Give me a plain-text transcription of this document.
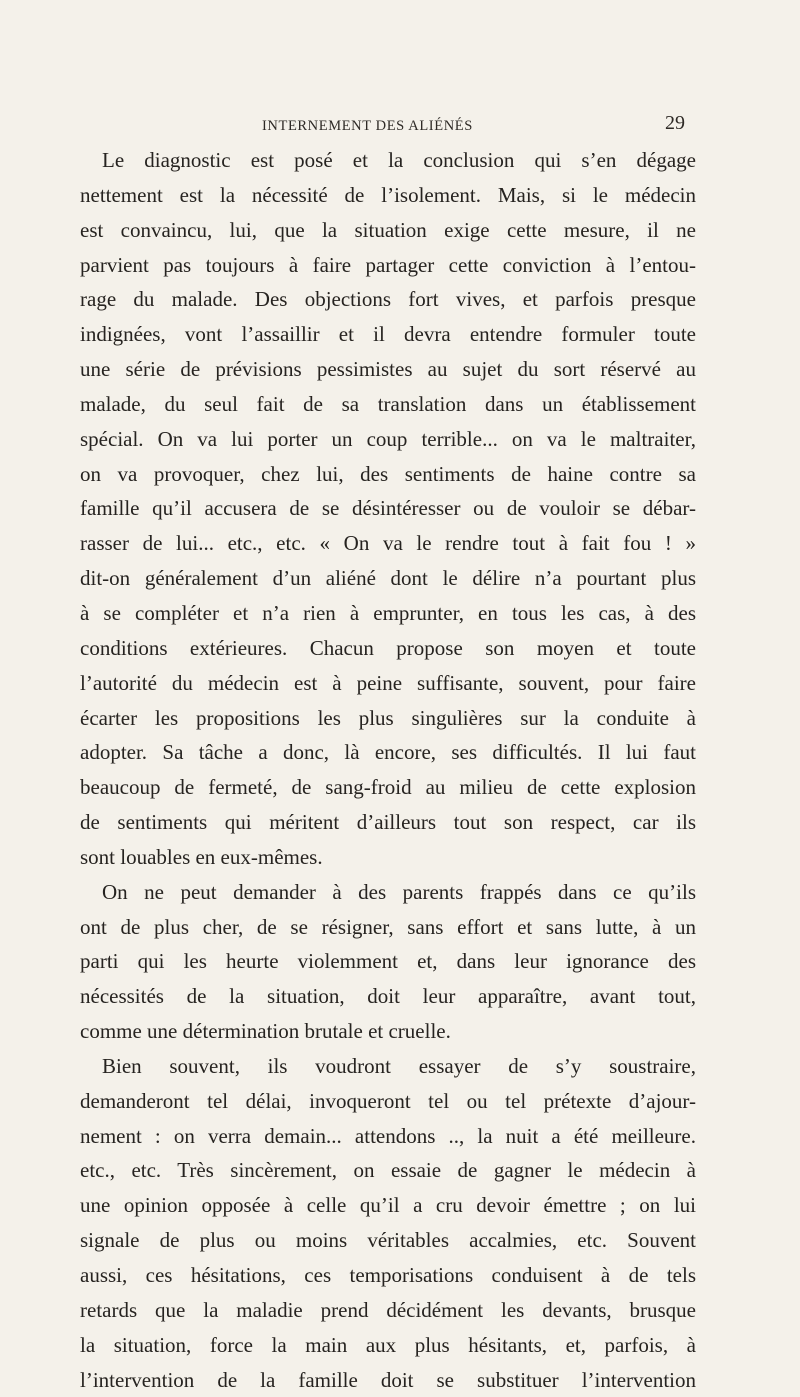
INTERNEMENT DES ALIÉNÉS	29
Le diagnostic est posé et la conclusion qui s’en dégage
nettement est la nécessité de l’isolement. Mais, si le médecin
est convaincu, lui, que la situation exige cette mesure, il ne
parvient pas toujours à faire partager cette conviction à l’entou-
rage du malade. Des objections fort vives, et parfois presque
indignées, vont l’assaillir et il devra entendre formuler toute
une série de prévisions pessimistes au sujet du sort réservé au
malade, du seul fait de sa translation dans un établissement
spécial. On va lui porter un coup terrible... on va le maltraiter,
on va provoquer, chez lui, des sentiments de haine contre sa
famille qu’il accusera de se désintéresser ou de vouloir se débar-
rasser de lui... etc., etc. « On va le rendre tout à fait fou ! »
dit-on généralement d’un aliéné dont le délire n’a pourtant plus
à se compléter et n’a rien à emprunter, en tous les cas, à des
conditions extérieures. Chacun propose son moyen et toute
l’autorité du médecin est à peine suffisante, souvent, pour faire
écarter les propositions les plus singulières sur la conduite à
adopter. Sa tâche a donc, là encore, ses difficultés. Il lui faut
beaucoup de fermeté, de sang-froid au milieu de cette explosion
de sentiments qui méritent d’ailleurs tout son respect, car ils
sont louables en eux-mêmes.
On ne peut demander à des parents frappés dans ce qu’ils
ont de plus cher, de se résigner, sans effort et sans lutte, à un
parti qui les heurte violemment et, dans leur ignorance des
nécessités de la situation, doit leur apparaître, avant tout,
comme une détermination brutale et cruelle.
Bien souvent, ils voudront essayer de s’y soustraire,
demanderont tel délai, invoqueront tel ou tel prétexte d’ajour-
nement : on verra demain... attendons .., la nuit a été meilleure.
etc., etc. Très sincèrement, on essaie de gagner le médecin à
une opinion opposée à celle qu’il a cru devoir émettre ; on lui
signale de plus ou moins véritables accalmies, etc. Souvent
aussi, ces hésitations, ces temporisations conduisent à de tels
retards que la maladie prend décidément les devants, brusque
la situation, force la main aux plus hésitants, et, parfois, à
l’intervention de la famille doit se substituer l’intervention
